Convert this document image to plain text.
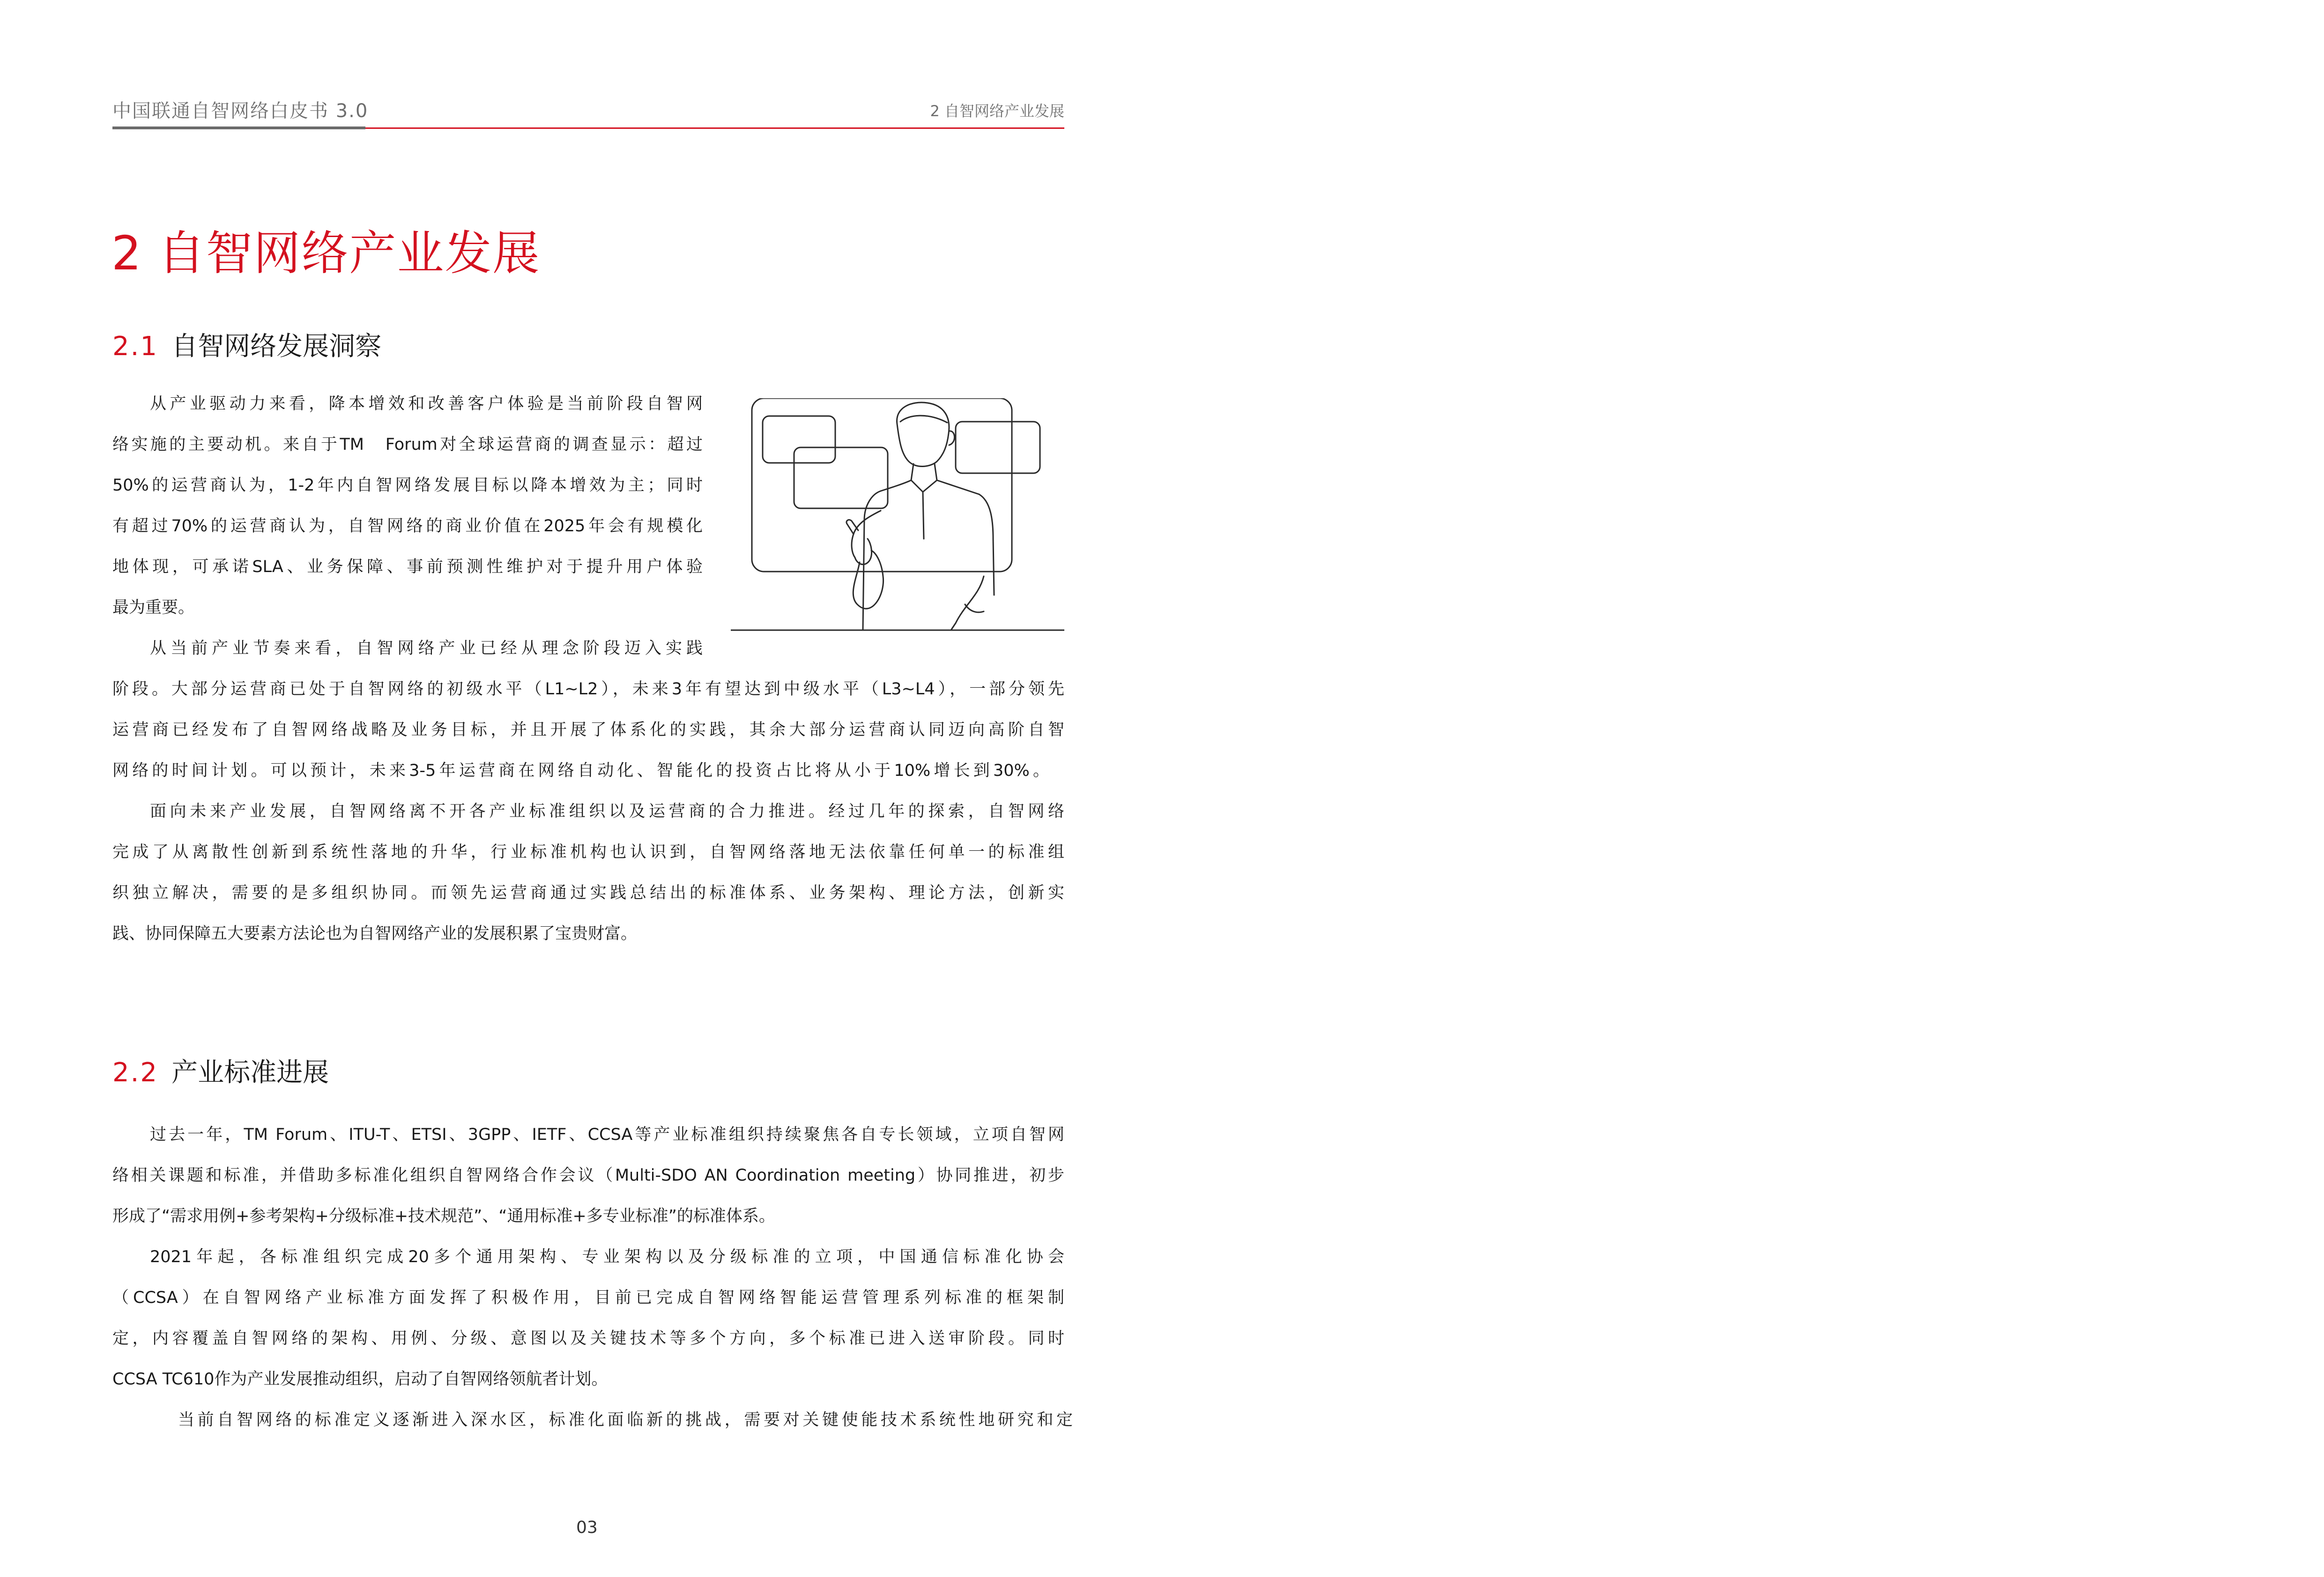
中国联通自智网络白皮书 3.0	2 自智网络产业发展
2 自智网络产业发展
2.1 自智网络发展洞察
从产业驱动力来看，降本增效和改善客户体验是当前阶段自智网
络实施的主要动机。来自于TM　Forum对全球运营商的调查显示：超过
50%的运营商认为，1-2年内自智网络发展目标以降本增效为主；同时
有超过70%的运营商认为，自智网络的商业价值在2025年会有规模化
地体现，可承诺SLA、业务保障、事前预测性维护对于提升用户体验
最为重要。
从当前产业节奏来看，自智网络产业已经从理念阶段迈入实践
阶段。大部分运营商已处于自智网络的初级水平（L1~L2），未来3年有望达到中级水平（L3~L4），一部分领先
运营商已经发布了自智网络战略及业务目标，并且开展了体系化的实践，其余大部分运营商认同迈向高阶自智
网络的时间计划。可以预计，未来3-5年运营商在网络自动化、智能化的投资占比将从小于10%增长到30%。
面向未来产业发展，自智网络离不开各产业标准组织以及运营商的合力推进。经过几年的探索，自智网络
完成了从离散性创新到系统性落地的升华，行业标准机构也认识到，自智网络落地无法依靠任何单一的标准组
织独立解决，需要的是多组织协同。而领先运营商通过实践总结出的标准体系、业务架构、理论方法，创新实
践、协同保障五大要素方法论也为自智网络产业的发展积累了宝贵财富。
2.2 产业标准进展
过去一年，TM Forum、ITU-T、ETSI、3GPP、IETF、CCSA等产业标准组织持续聚焦各自专长领域，立项自智网
络相关课题和标准，并借助多标准化组织自智网络合作会议（Multi-SDO AN Coordination meeting）协同推进，初步
形成了“需求用例+参考架构+分级标准+技术规范”、“通用标准+多专业标准”的标准体系。
2021年起，各标准组织完成20多个通用架构、专业架构以及分级标准的立项，中国通信标准化协会
（CCSA）在自智网络产业标准方面发挥了积极作用，目前已完成自智网络智能运营管理系列标准的框架制
定，内容覆盖自智网络的架构、用例、分级、意图以及关键技术等多个方向，多个标准已进入送审阶段。同时
CCSA TC610作为产业发展推动组织，启动了自智网络领航者计划。
当前自智网络的标准定义逐渐进入深水区，标准化面临新的挑战，需要对关键使能技术系统性地研究和定
03
